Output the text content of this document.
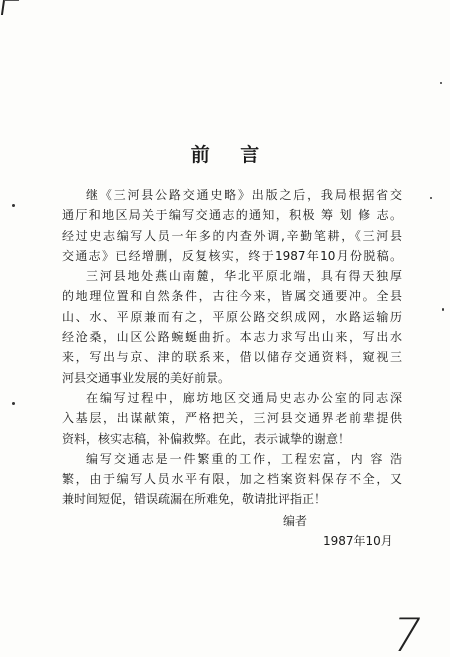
前 言
继《三河县公路交通史略》出版之后，我局根据省交
通厅和地区局关于编写交通志的通知，积极 筹 划 修 志。
经过史志编写人员一年多的内查外调,辛勤笔耕，《三河县
交通志》已经增删，反复核实，终于1987年10月份脱稿。
三河县地处燕山南麓，华北平原北端，具有得天独厚
的地理位置和自然条件，古往今来，皆属交通要冲。全县
山、水、平原兼而有之，平原公路交织成网，水路运输历
经沧桑，山区公路蜿蜒曲折。本志力求写出山来，写出水
来，写出与京、津的联系来，借以储存交通资料，窥视三
河县交通事业发展的美好前景。
在编写过程中，廊坊地区交通局史志办公室的同志深
入基层，出谋献策，严格把关，三河县交通界老前辈提供
资料，核实志稿，补偏救弊。在此，表示诚挚的谢意！
编写交通志是一件繁重的工作，工程宏富，内 容 浩
繁，由于编写人员水平有限，加之档案资料保存不全，又
兼时间短促，错误疏漏在所难免，敬请批评指正！
编者
1987年10月
7
